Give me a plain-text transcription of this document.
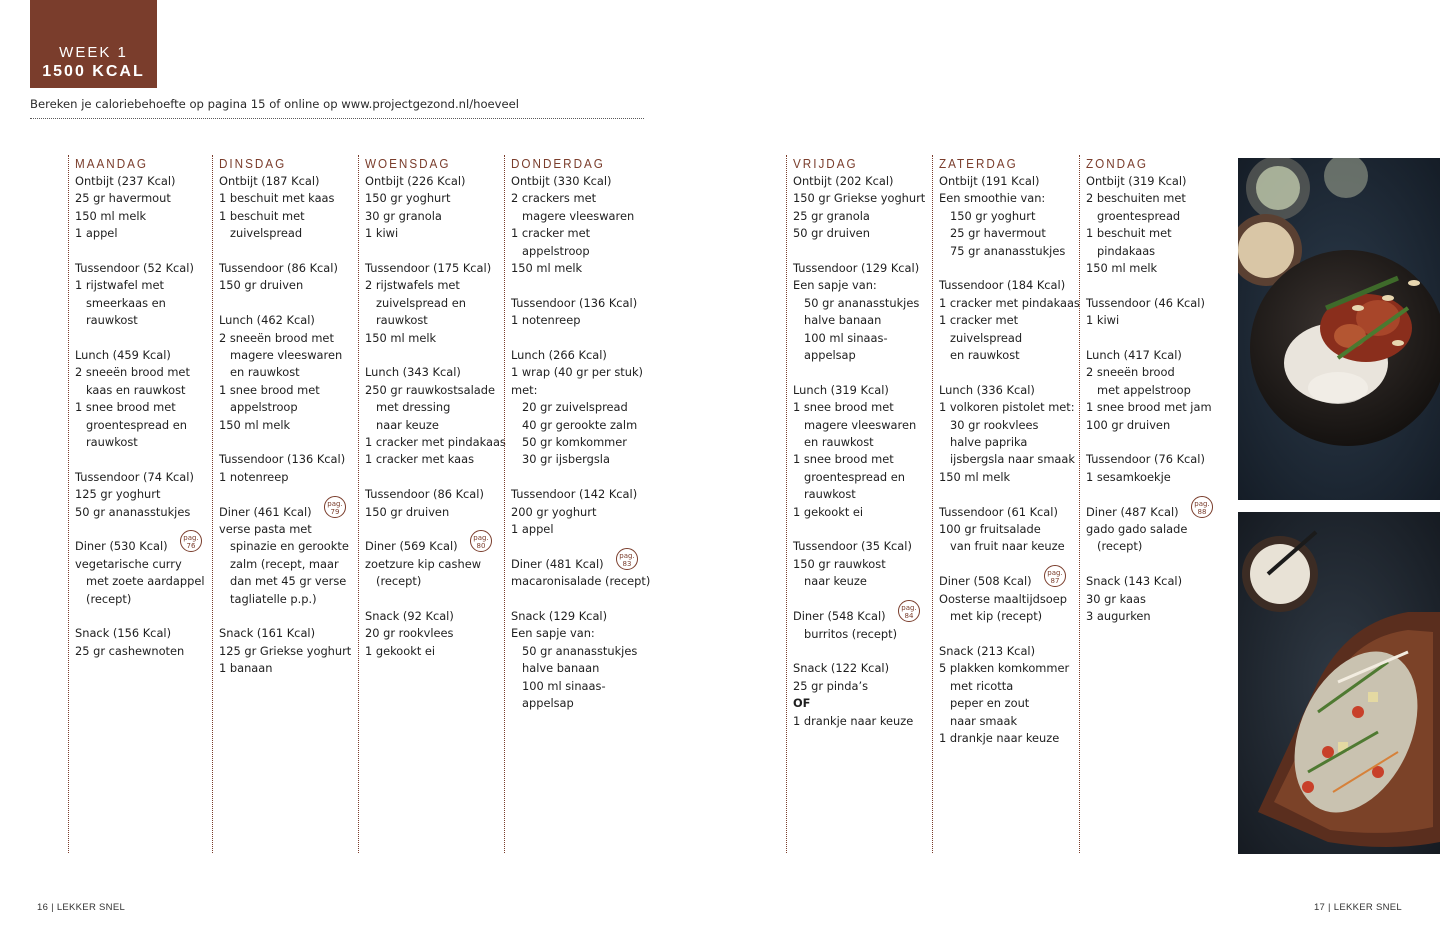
WEEK 1
1500 KCAL
Bereken je caloriebehoefte op pagina 15 of online op www.projectgezond.nl/hoeveel
MAANDAG
Ontbijt (237 Kcal)
25 gr havermout
150 ml melk
1 appel
Tussendoor (52 Kcal)
1 rijstwafel met
smeerkaas en
rauwkost
Lunch (459 Kcal)
2 sneeën brood met
kaas en rauwkost
1 snee brood met
groentespread en
rauwkost
Tussendoor (74 Kcal)
125 gr yoghurt
50 gr ananasstukjes
Diner (530 Kcal)
pag.
76
vegetarische curry
met zoete aardappel
(recept)
Snack (156 Kcal)
25 gr cashewnoten
DINSDAG
Ontbijt (187 Kcal)
1 beschuit met kaas
1 beschuit met
zuivelspread
Tussendoor (86 Kcal)
150 gr druiven
Lunch (462 Kcal)
2 sneeën brood met
magere vleeswaren
en rauwkost
1 snee brood met
appelstroop
150 ml melk
Tussendoor (136 Kcal)
1 notenreep
Diner (461 Kcal)
pag.
79
verse pasta met
spinazie en gerookte
zalm (recept, maar
dan met 45 gr verse
tagliatelle p.p.)
Snack (161 Kcal)
125 gr Griekse yoghurt
1 banaan
WOENSDAG
Ontbijt (226 Kcal)
150 gr yoghurt
30 gr granola
1 kiwi
Tussendoor (175 Kcal)
2 rijstwafels met
zuivelspread en
rauwkost
150 ml melk
Lunch (343 Kcal)
250 gr rauwkostsalade
met dressing
naar keuze
1 cracker met pindakaas
1 cracker met kaas
Tussendoor (86 Kcal)
150 gr druiven
Diner (569 Kcal)
pag.
80
zoetzure kip cashew
(recept)
Snack (92 Kcal)
20 gr rookvlees
1 gekookt ei
DONDERDAG
Ontbijt (330 Kcal)
2 crackers met
magere vleeswaren
1 cracker met
appelstroop
150 ml melk
Tussendoor (136 Kcal)
1 notenreep
Lunch (266 Kcal)
1 wrap (40 gr per stuk)
met:
20 gr zuivelspread
40 gr gerookte zalm
50 gr komkommer
30 gr ijsbergsla
Tussendoor (142 Kcal)
200 gr yoghurt
1 appel
Diner (481 Kcal)
pag.
83
macaronisalade (recept)
Snack (129 Kcal)
Een sapje van:
50 gr ananasstukjes
halve banaan
100 ml sinaas-
appelsap
VRIJDAG
Ontbijt (202 Kcal)
150 gr Griekse yoghurt
25 gr granola
50 gr druiven
Tussendoor (129 Kcal)
Een sapje van:
50 gr ananasstukjes
halve banaan
100 ml sinaas-
appelsap
Lunch (319 Kcal)
1 snee brood met
magere vleeswaren
en rauwkost
1 snee brood met
groentespread en
rauwkost
1 gekookt ei
Tussendoor (35 Kcal)
150 gr rauwkost
naar keuze
Diner (548 Kcal)
pag.
84
burritos (recept)
Snack (122 Kcal)
25 gr pinda’s
OF
1 drankje naar keuze
ZATERDAG
Ontbijt (191 Kcal)
Een smoothie van:
150 gr yoghurt
25 gr havermout
75 gr ananasstukjes
Tussendoor (184 Kcal)
1 cracker met pindakaas
1 cracker met
zuivelspread
en rauwkost
Lunch (336 Kcal)
1 volkoren pistolet met:
30 gr rookvlees
halve paprika
ijsbergsla naar smaak
150 ml melk
Tussendoor (61 Kcal)
100 gr fruitsalade
van fruit naar keuze
Diner (508 Kcal)
pag.
87
Oosterse maaltijdsoep
met kip (recept)
Snack (213 Kcal)
5 plakken komkommer
met ricotta
peper en zout
naar smaak
1 drankje naar keuze
ZONDAG
Ontbijt (319 Kcal)
2 beschuiten met
groentespread
1 beschuit met
pindakaas
150 ml melk
Tussendoor (46 Kcal)
1 kiwi
Lunch (417 Kcal)
2 sneeën brood
met appelstroop
1 snee brood met jam
100 gr druiven
Tussendoor (76 Kcal)
1 sesamkoekje
Diner (487 Kcal)
pag.
88
gado gado salade
(recept)
Snack (143 Kcal)
30 gr kaas
3 augurken
16 | LEKKER SNEL	17 | LEKKER SNEL
